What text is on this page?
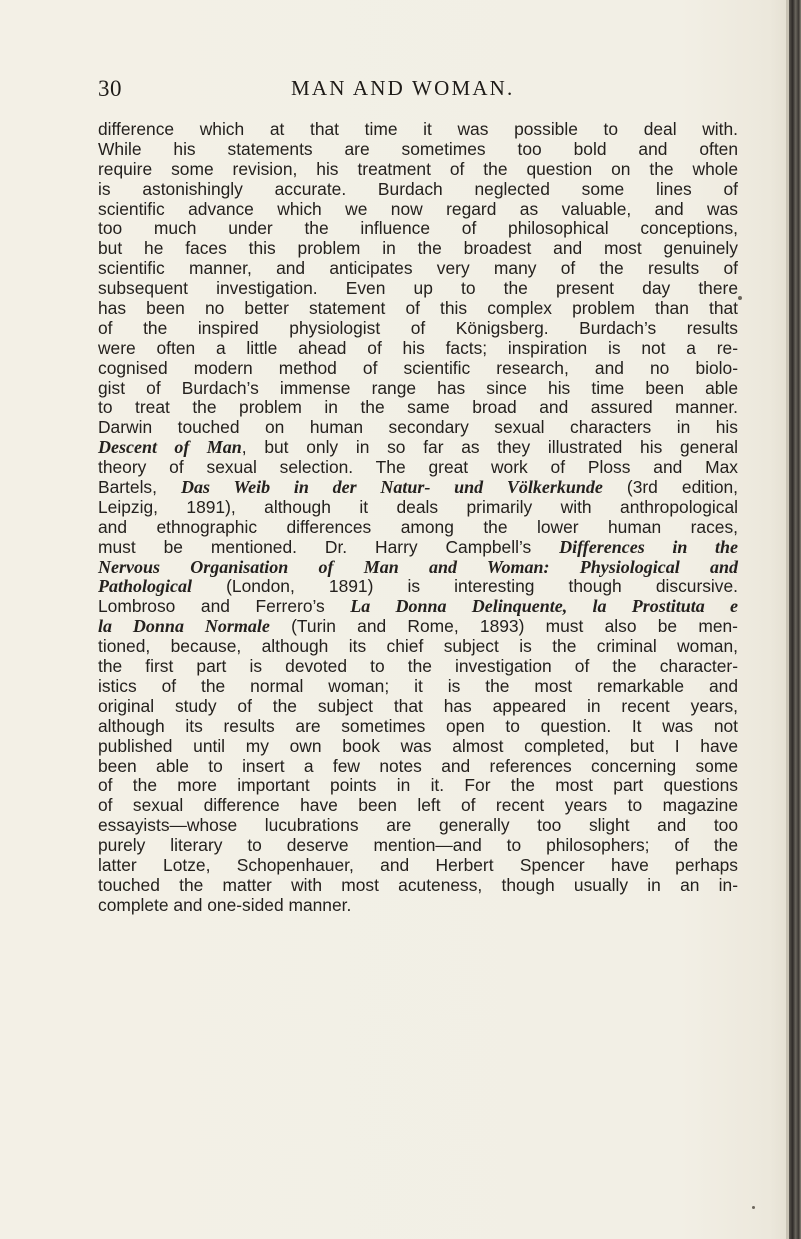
30	MAN AND WOMAN.
difference which at that time it was possible to deal with.
While his statements are sometimes too bold and often
require some revision, his treatment of the question on the whole
is astonishingly accurate. Burdach neglected some lines of
scientific advance which we now regard as valuable, and was
too much under the influence of philosophical conceptions,
but he faces this problem in the broadest and most genuinely
scientific manner, and anticipates very many of the results of
subsequent investigation. Even up to the present day there
has been no better statement of this complex problem than that
of the inspired physiologist of Königsberg. Burdach’s results
were often a little ahead of his facts; inspiration is not a re-
cognised modern method of scientific research, and no biolo-
gist of Burdach’s immense range has since his time been able
to treat the problem in the same broad and assured manner.
Darwin touched on human secondary sexual characters in his
Descent of Man, but only in so far as they illustrated his general
theory of sexual selection. The great work of Ploss and Max
Bartels, Das Weib in der Natur- und Völkerkunde (3rd edition,
Leipzig, 1891), although it deals primarily with anthropological
and ethnographic differences among the lower human races,
must be mentioned. Dr. Harry Campbell’s Differences in the
Nervous Organisation of Man and Woman: Physiological and
Pathological (London, 1891) is interesting though discursive.
Lombroso and Ferrero’s La Donna Delinquente, la Prostituta e
la Donna Normale (Turin and Rome, 1893) must also be men-
tioned, because, although its chief subject is the criminal woman,
the first part is devoted to the investigation of the character-
istics of the normal woman; it is the most remarkable and
original study of the subject that has appeared in recent years,
although its results are sometimes open to question. It was not
published until my own book was almost completed, but I have
been able to insert a few notes and references concerning some
of the more important points in it. For the most part questions
of sexual difference have been left of recent years to magazine
essayists—whose lucubrations are generally too slight and too
purely literary to deserve mention—and to philosophers; of the
latter Lotze, Schopenhauer, and Herbert Spencer have perhaps
touched the matter with most acuteness, though usually in an in-
complete and one-sided manner.
